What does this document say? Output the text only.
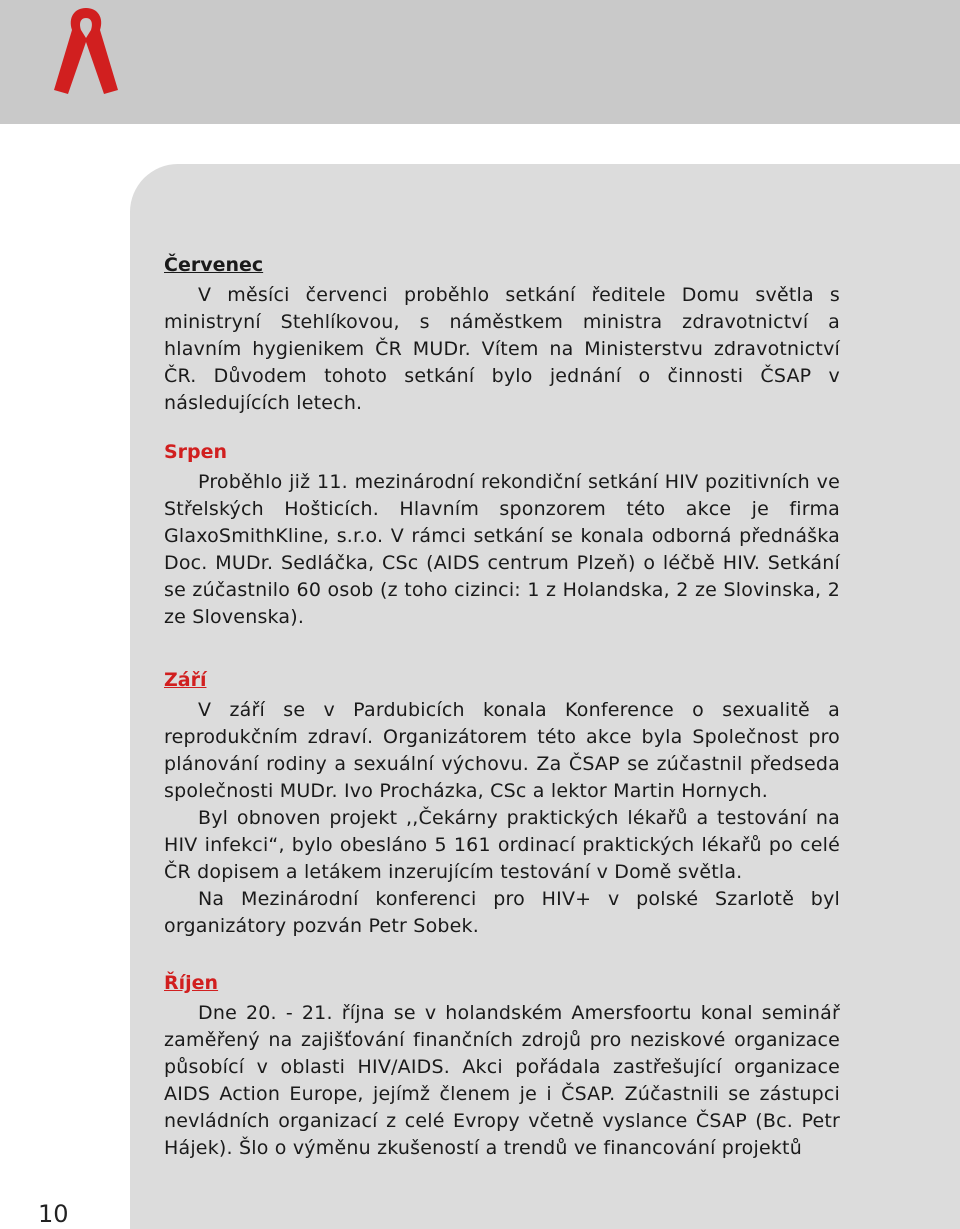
Červenec

V měsíci červenci proběhlo setkání ředitele Domu světla s ministryní Stehlíkovou, s náměstkem ministra zdravotnictví a hlavním hygienikem ČR MUDr. Vítem na Ministerstvu zdravotnictví ČR. Důvodem tohoto setkání bylo jednání o činnosti ČSAP v následujících letech.

Srpen

Proběhlo již 11. mezinárodní rekondiční setkání HIV pozitivních ve Střelských Hošticích. Hlavním sponzorem této akce je firma GlaxoSmithKline, s.r.o. V rámci setkání se konala odborná přednáška Doc. MUDr. Sedláčka, CSc (AIDS centrum Plzeň) o léčbě HIV. Setkání se zúčastnilo 60 osob (z toho cizinci: 1 z Holandska, 2 ze Slovinska, 2 ze Slovenska).

Září

V září se v Pardubicích konala Konference o sexualitě a reprodukčním zdraví. Organizátorem této akce byla Společnost pro plánování rodiny a sexuální výchovu. Za ČSAP se zúčastnil předseda společnosti MUDr. Ivo Procházka, CSc a lektor Martin Hornych.

Byl obnoven projekt ,,Čekárny praktických lékařů a testování na HIV infekci“, bylo obesláno 5 161 ordinací praktických lékařů po celé ČR dopisem a letákem inzerujícím testování v Domě světla.

Na Mezinárodní konferenci pro HIV+ v polské Szarlotě byl organizátory pozván Petr Sobek.

Říjen

Dne 20. - 21. října se v holandském Amersfoortu konal seminář zaměřený na zajišťování finančních zdrojů pro neziskové organizace působící v oblasti HIV/AIDS. Akci pořádala zastřešující organizace AIDS Action Europe, jejímž členem je i ČSAP. Zúčastnili se zástupci nevládních organizací z celé Evropy včetně vyslance ČSAP (Bc. Petr Hájek). Šlo o výměnu zkušeností a trendů ve financování projektů

10
